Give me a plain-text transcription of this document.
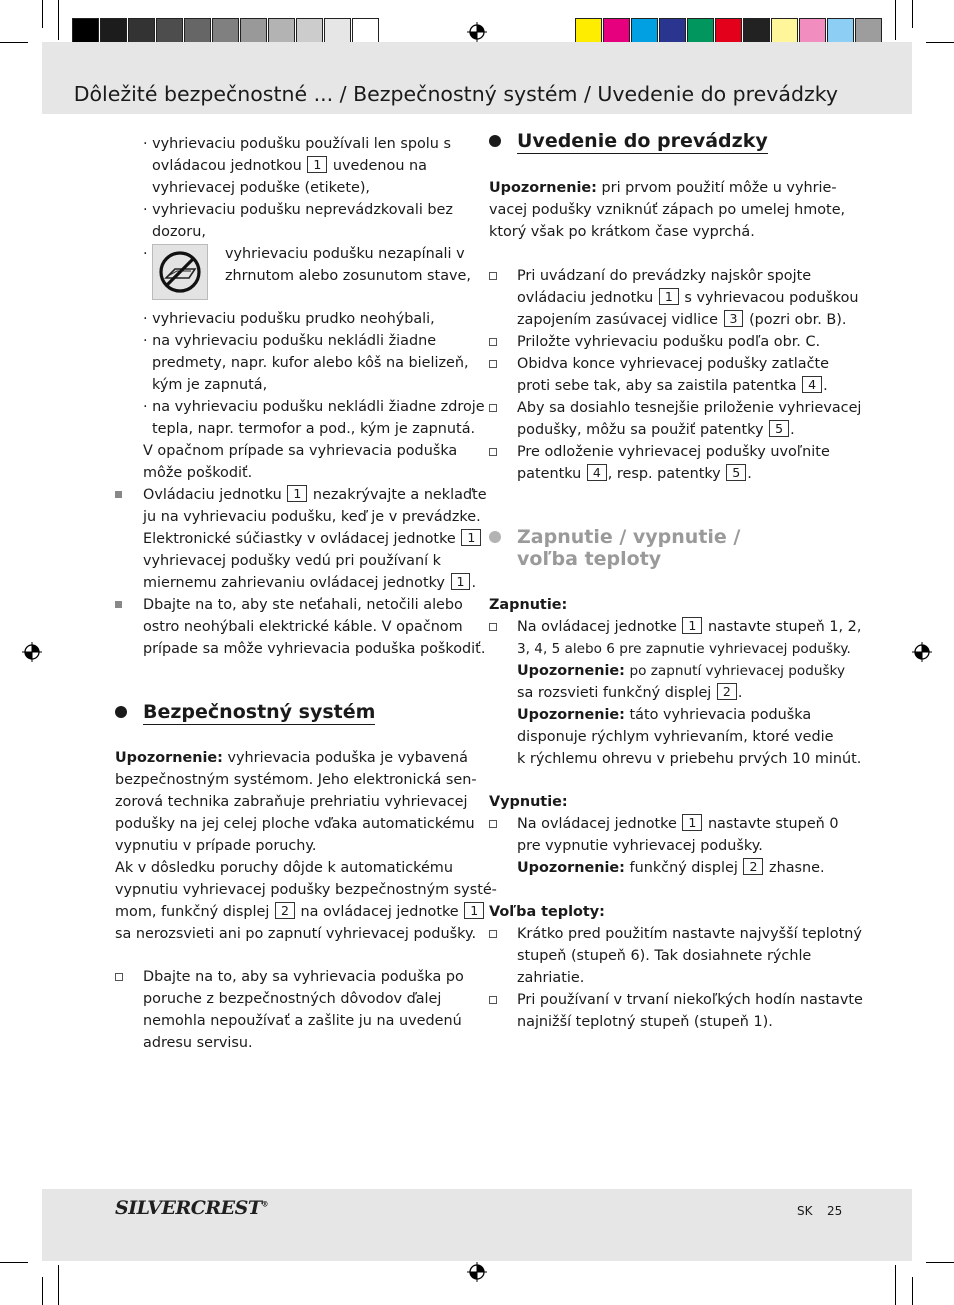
Dôležité bezpečnostné ... / Bezpečnostný systém / Uvedenie do prevádzky
· vyhrievaciu podušku používali len spolu s
ovládacou jednotkou 1 uvedenou na
vyhrievacej poduške (etikete),
· vyhrievaciu podušku neprevádzkovali bez
dozoru,
·	vyhrievaciu podušku nezapínali v
zhrnutom alebo zosunutom stave,
· vyhrievaciu podušku prudko neohýbali,
· na vyhrievaciu podušku nekládli žiadne
predmety, napr. kufor alebo kôš na bielizeň,
kým je zapnutá,
· na vyhrievaciu podušku nekládli žiadne zdroje
tepla, napr. termofor a pod., kým je zapnutá.
V opačnom prípade sa vyhrievacia poduška
môže poškodiť.
Ovládaciu jednotku 1 nezakrývajte a neklaďte
ju na vyhrievaciu podušku, keď je v prevádzke.
Elektronické súčiastky v ovládacej jednotke 1
vyhrievacej podušky vedú pri používaní k
miernemu zahrievaniu ovládacej jednotky 1 .
Dbajte na to, aby ste neťahali, netočili alebo
ostro neohýbali elektrické káble. V opačnom
prípade sa môže vyhrievacia poduška poškodiť.
Bezpečnostný systém
Upozornenie: vyhrievacia poduška je vybavená
bezpečnostným systémom. Jeho elektronická sen-
zorová technika zabraňuje prehriatiu vyhrievacej
podušky na jej celej ploche vďaka automatickému
vypnutiu v prípade poruchy.
Ak v dôsledku poruchy dôjde k automatickému
vypnutiu vyhrievacej podušky bezpečnostným systé-
mom, funkčný displej 2 na ovládacej jednotke 1
sa nerozsvieti ani po zapnutí vyhrievacej podušky.
Dbajte na to, aby sa vyhrievacia poduška po
poruche z bezpečnostných dôvodov ďalej
nemohla nepoužívať a zašlite ju na uvedenú
adresu servisu.
Uvedenie do prevádzky
Upozornenie: pri prvom použití môže u vyhrie-
vacej podušky vzniknúť zápach po umelej hmote,
ktorý však po krátkom čase vyprchá.
Pri uvádzaní do prevádzky najskôr spojte
ovládaciu jednotku 1 s vyhrievacou poduškou
zapojením zasúvacej vidlice 3 (pozri obr. B).
Priložte vyhrievaciu podušku podľa obr. C.
Obidva konce vyhrievacej podušky zatlačte
proti sebe tak, aby sa zaistila patentka 4 .
Aby sa dosiahlo tesnejšie priloženie vyhrievacej
podušky, môžu sa použiť patentky 5 .
Pre odloženie vyhrievacej podušky uvoľnite
patentku 4 , resp. patentky 5 .
Zapnutie / vypnutie /
voľba teploty
Zapnutie:
Na ovládacej jednotke 1 nastavte stupeň 1, 2,
3, 4, 5 alebo 6 pre zapnutie vyhrievacej podušky.
Upozornenie: po zapnutí vyhrievacej podušky
sa rozsvieti funkčný displej 2 .
Upozornenie: táto vyhrievacia poduška
disponuje rýchlym vyhrievaním, ktoré vedie
k rýchlemu ohrevu v priebehu prvých 10 minút.
Vypnutie:
Na ovládacej jednotke 1 nastavte stupeň 0
pre vypnutie vyhrievacej podušky.
Upozornenie: funkčný displej 2 zhasne.
Voľba teploty:
Krátko pred použitím nastavte najvyšší teplotný
stupeň (stupeň 6). Tak dosiahnete rýchle
zahriatie.
Pri používaní v trvaní niekoľkých hodín nastavte
najnižší teplotný stupeň (stupeň 1).
SILVERCREST®	SK 25
